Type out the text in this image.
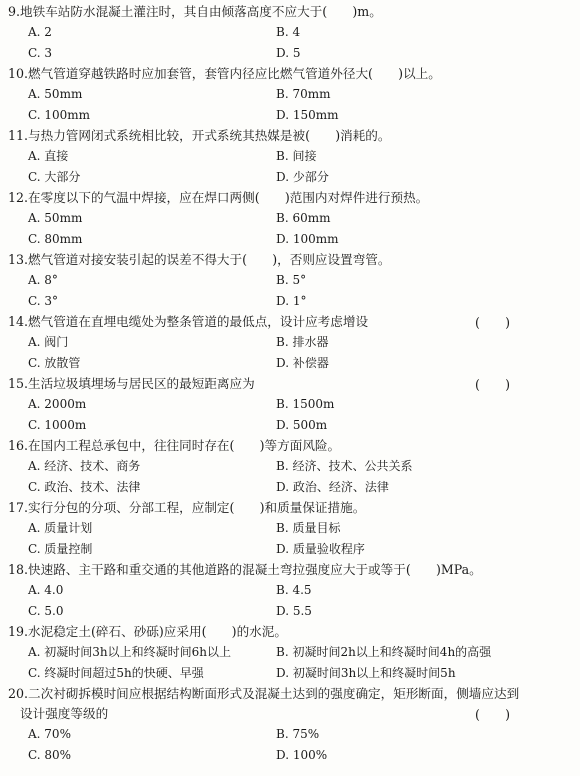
9.地铁车站防水混凝土灌注时，其自由倾落高度不应大于(　　)m。
A. 2	B. 4
C. 3	D. 5
10.燃气管道穿越铁路时应加套管，套管内径应比燃气管道外径大(　　)以上。
A. 50mm	B. 70mm
C. 100mm	D. 150mm
11.与热力管网闭式系统相比较，开式系统其热媒是被(　　)消耗的。
A. 直接	B. 间接
C. 大部分	D. 少部分
12.在零度以下的气温中焊接，应在焊口两侧(　　)范围内对焊件进行预热。
A. 50mm	B. 60mm
C. 80mm	D. 100mm
13.燃气管道对接安装引起的误差不得大于(　　)，否则应设置弯管。
A. 8°	B. 5°
C. 3°	D. 1°
14.燃气管道在直埋电缆处为整条管道的最低点，设计应考虑增设	(　　)
A. 阀门	B. 排水器
C. 放散管	D. 补偿器
15.生活垃圾填埋场与居民区的最短距离应为	(　　)
A. 2000m	B. 1500m
C. 1000m	D. 500m
16.在国内工程总承包中，往往同时存在(　　)等方面风险。
A. 经济、技术、商务	B. 经济、技术、公共关系
C. 政治、技术、法律	D. 政治、经济、法律
17.实行分包的分项、分部工程，应制定(　　)和质量保证措施。
A. 质量计划	B. 质量目标
C. 质量控制	D. 质量验收程序
18.快速路、主干路和重交通的其他道路的混凝土弯拉强度应大于或等于(　　)MPa。
A. 4.0	B. 4.5
C. 5.0	D. 5.5
19.水泥稳定土(碎石、砂砾)应采用(　　)的水泥。
A. 初凝时间3h以上和终凝时间6h以上	B. 初凝时间2h以上和终凝时间4h的高强
C. 终凝时间超过5h的快硬、早强	D. 初凝时间3h以上和终凝时间5h
20.二次衬砌拆模时间应根据结构断面形式及混凝土达到的强度确定，矩形断面，侧墙应达到
设计强度等级的	(　　)
A. 70%	B. 75%
C. 80%	D. 100%
